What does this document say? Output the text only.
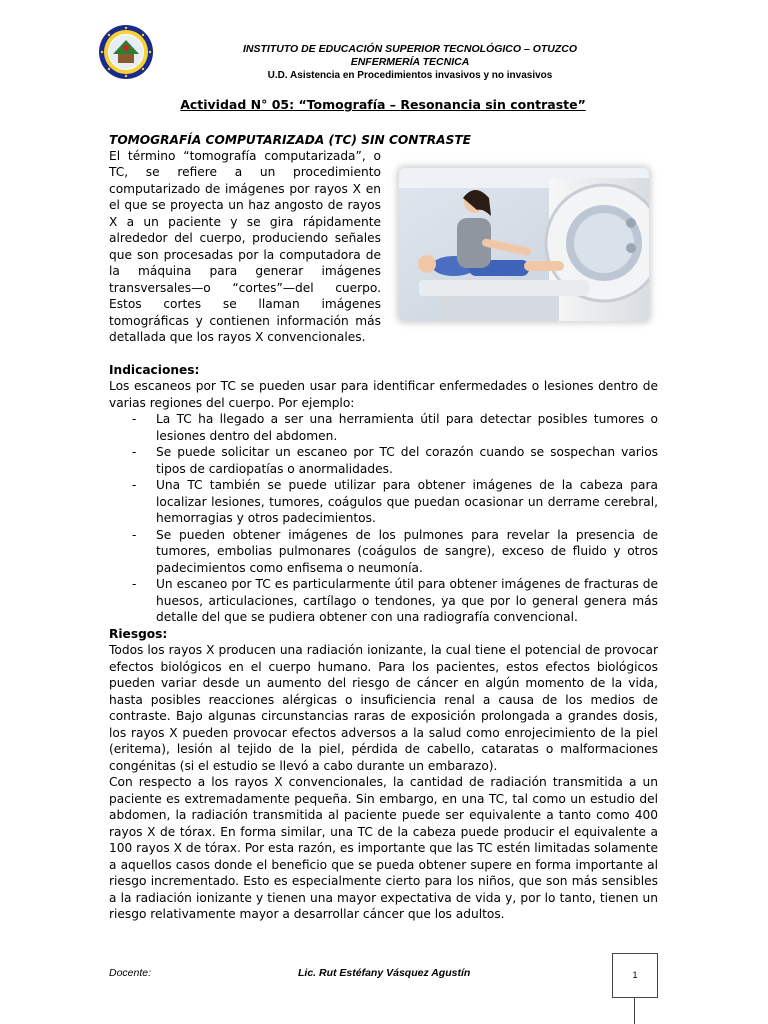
INSTITUTO DE EDUCACIÓN SUPERIOR TECNOLÓGICO – OTUZCO
ENFERMERÍA TECNICA
U.D. Asistencia en Procedimientos invasivos y no invasivos
Actividad N° 05: “Tomografía – Resonancia sin contraste”
TOMOGRAFÍA COMPUTARIZADA (TC) SIN CONTRASTE

El término “tomografía computarizada”, o TC, se refiere a un procedimiento computarizado de imágenes por rayos X en el que se proyecta un haz angosto de rayos X a un paciente y se gira rápidamente alrededor del cuerpo, produciendo señales que son procesadas por la computadora de la máquina para generar imágenes transversales—o “cortes”—del cuerpo. Estos cortes se llaman imágenes tomográficas y contienen información más detallada que los rayos X convencionales.

Indicaciones:

Los escaneos por TC se pueden usar para identificar enfermedades o lesiones dentro de varias regiones del cuerpo. Por ejemplo:

- La TC ha llegado a ser una herramienta útil para detectar posibles tumores o lesiones dentro del abdomen.
- Se puede solicitar un escaneo por TC del corazón cuando se sospechan varios tipos de cardiopatías o anormalidades.
- Una TC también se puede utilizar para obtener imágenes de la cabeza para localizar lesiones, tumores, coágulos que puedan ocasionar un derrame cerebral, hemorragias y otros padecimientos.
- Se pueden obtener imágenes de los pulmones para revelar la presencia de tumores, embolias pulmonares (coágulos de sangre), exceso de fluido y otros padecimientos como enfisema o neumonía.
- Un escaneo por TC es particularmente útil para obtener imágenes de fracturas de huesos, articulaciones, cartílago o tendones, ya que por lo general genera más detalle del que se pudiera obtener con una radiografía convencional.
Riesgos:

Todos los rayos X producen una radiación ionizante, la cual tiene el potencial de provocar efectos biológicos en el cuerpo humano. Para los pacientes, estos efectos biológicos pueden variar desde un aumento del riesgo de cáncer en algún momento de la vida, hasta posibles reacciones alérgicas o insuficiencia renal a causa de los medios de contraste. Bajo algunas circunstancias raras de exposición prolongada a grandes dosis, los rayos X pueden provocar efectos adversos a la salud como enrojecimiento de la piel (eritema), lesión al tejido de la piel, pérdida de cabello, cataratas o malformaciones congénitas (si el estudio se llevó a cabo durante un embarazo).

Con respecto a los rayos X convencionales, la cantidad de radiación transmitida a un paciente es extremadamente pequeña. Sin embargo, en una TC, tal como un estudio del abdomen, la radiación transmitida al paciente puede ser equivalente a tanto como 400 rayos X de tórax. En forma similar, una TC de la cabeza puede producir el equivalente a 100 rayos X de tórax. Por esta razón, es importante que las TC estén limitadas solamente a aquellos casos donde el beneficio que se pueda obtener supere en forma importante al riesgo incrementado. Esto es especialmente cierto para los niños, que son más sensibles a la radiación ionizante y tienen una mayor expectativa de vida y, por lo tanto, tienen un riesgo relativamente mayor a desarrollar cáncer que los adultos.

Docente:	Lic. Rut Estéfany Vásquez Agustín	1
